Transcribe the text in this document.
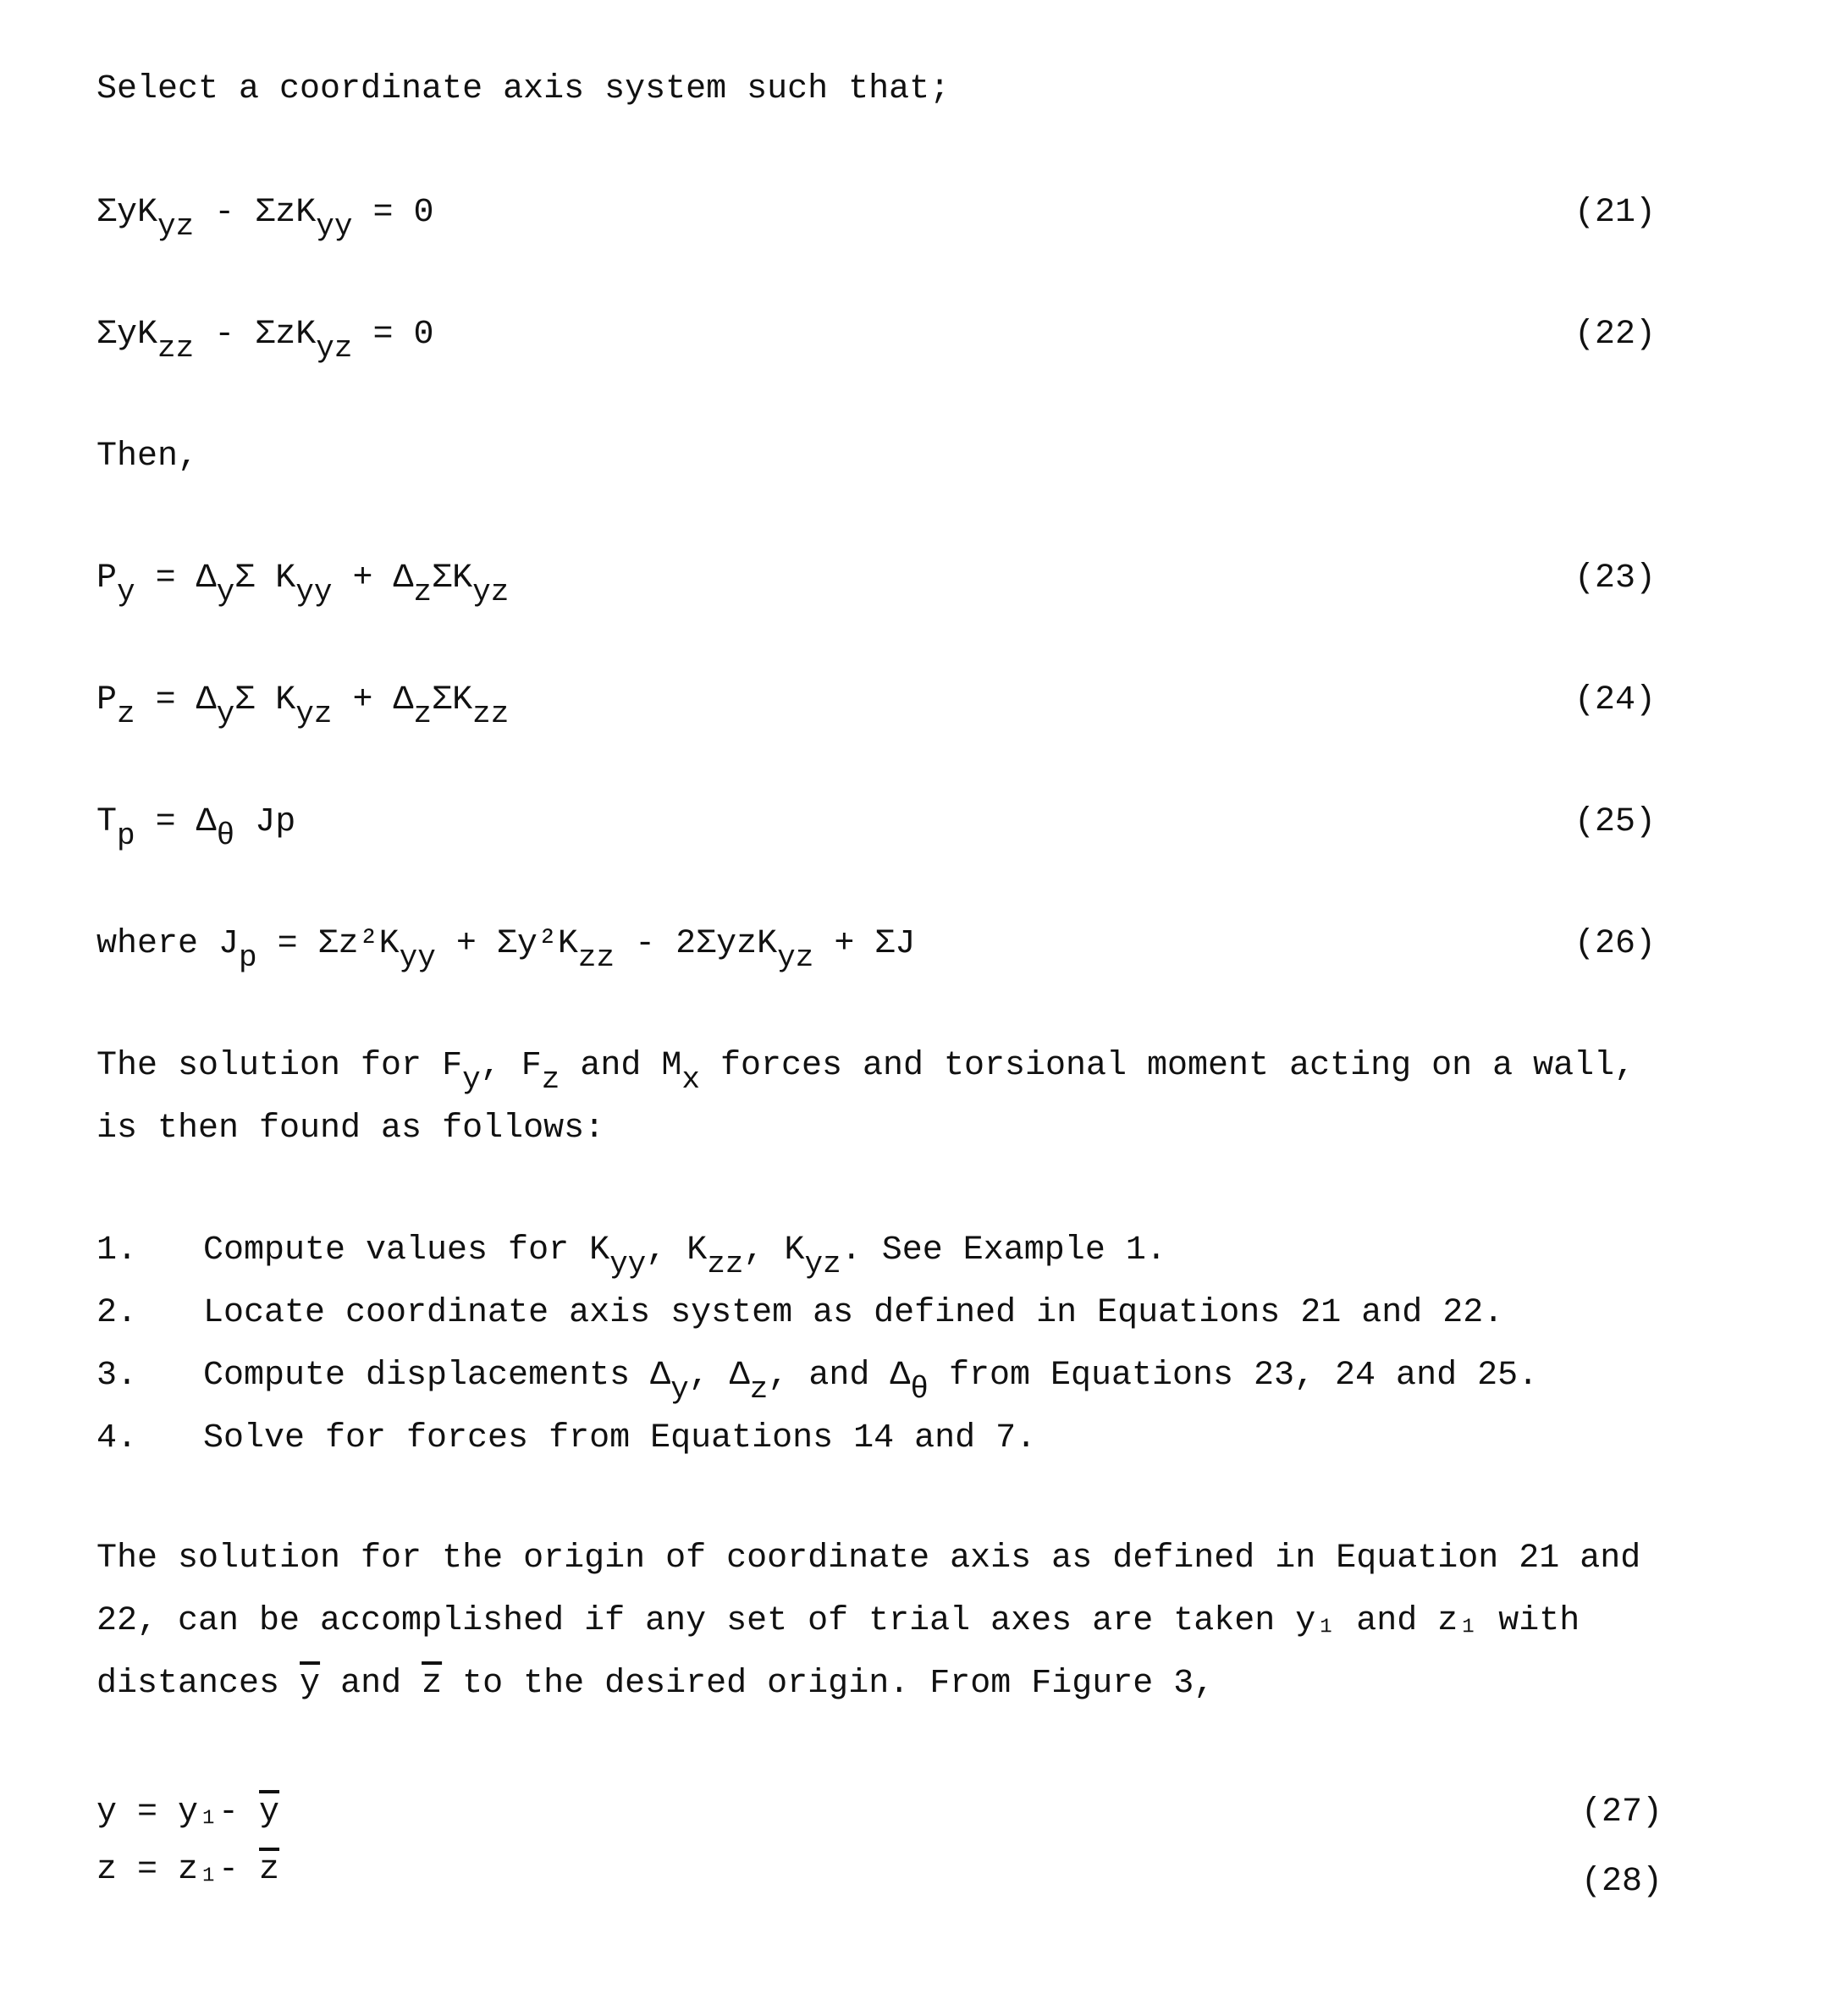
Select a coordinate axis system such that;
ΣyK$_{yz}$ - ΣzK$_{yy}$ = 0	(21)
ΣyK$_{zz}$ - ΣzK$_{yz}$ = 0	(22)
Then,
$P_y = \Delta_y\Sigma$ $K_{yy} + \Delta_z\Sigma K_{yz}$	(23)
$P_z = \Delta_y\Sigma$ $K_{yz} + \Delta_z\Sigma K_{zz}$	(24)
$T_p = \Delta_\theta$ Jp	(25)
where $J_p = \Sigma z^2K_{yy} + \Sigma y^2K_{zz} - 2\Sigma yzK_{yz} + \Sigma J$	(26)
The solution for $F_y$, $F_z$ and $M_x$ forces and torsional moment acting on a wall,
is then found as follows:
1. Compute values for $K_{yy}$, $K_{zz}$, $K_{yz}$. See Example 1.
2. Locate coordinate axis system as defined in Equations 21 and 22.
3. Compute displacements $\Delta_y$, $\Delta_z$, and $\Delta_\theta$ from Equations 23, 24 and 25.
4. Solve for forces from Equations 14 and 7.
The solution for the origin of coordinate axis as defined in Equation 21 and
22, can be accomplished if any set of trial axes are taken y₁ and z₁ with
distances $\overline{y}$ and $\overline{z}$ to the desired origin. From Figure 3,
y = y₁- $\overline{y}$	(27)
z = z₁- $\overline{z}$	(28)
